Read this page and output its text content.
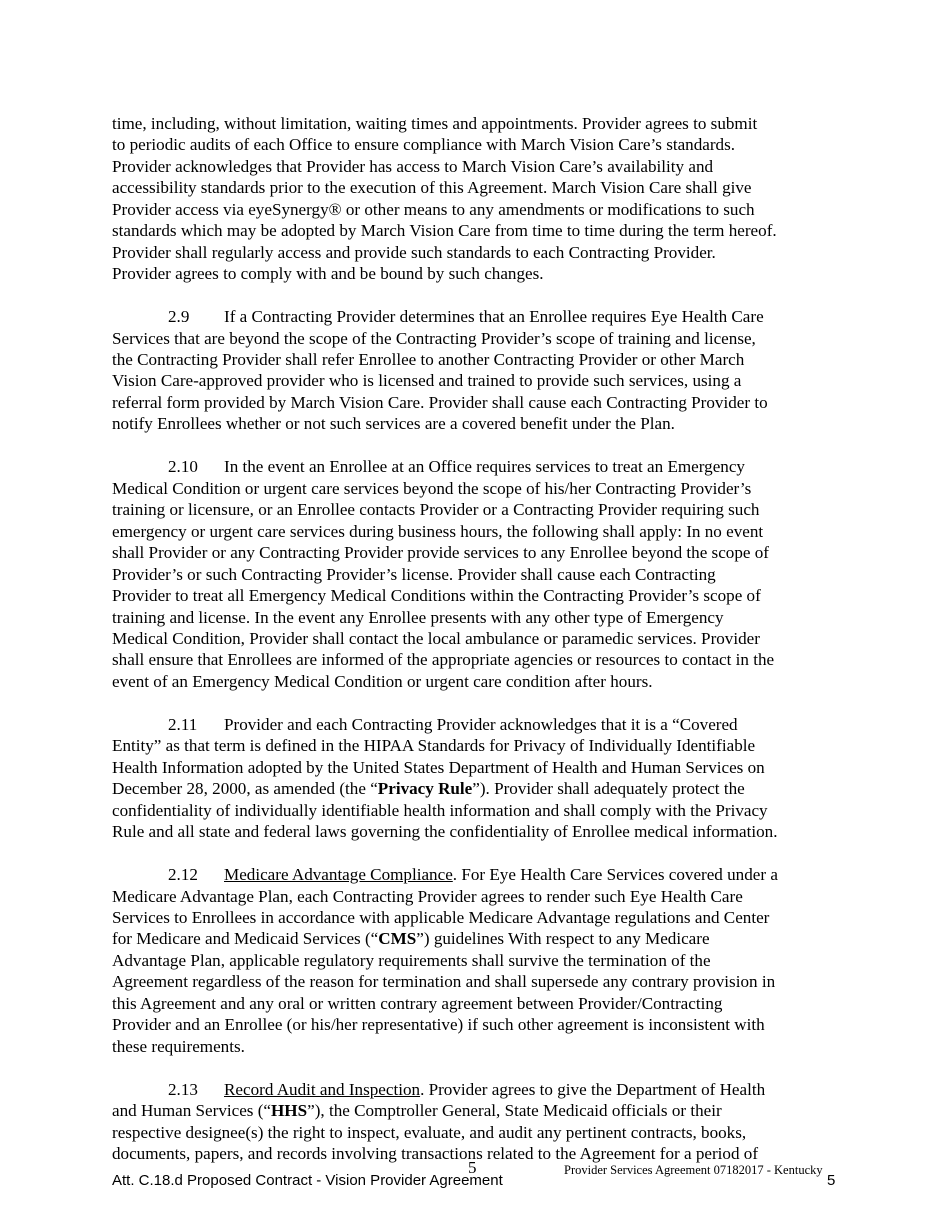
time, including, without limitation, waiting times and appointments. Provider agrees to submit
to periodic audits of each Office to ensure compliance with March Vision Care’s standards.
Provider acknowledges that Provider has access to March Vision Care’s availability and
accessibility standards prior to the execution of this Agreement. March Vision Care shall give
Provider access via eyeSynergy® or other means to any amendments or modifications to such
standards which may be adopted by March Vision Care from time to time during the term hereof.
Provider shall regularly access and provide such standards to each Contracting Provider.
Provider agrees to comply with and be bound by such changes.

2.9 If a Contracting Provider determines that an Enrollee requires Eye Health Care
Services that are beyond the scope of the Contracting Provider’s scope of training and license,
the Contracting Provider shall refer Enrollee to another Contracting Provider or other March
Vision Care-approved provider who is licensed and trained to provide such services, using a
referral form provided by March Vision Care. Provider shall cause each Contracting Provider to
notify Enrollees whether or not such services are a covered benefit under the Plan.

2.10 In the event an Enrollee at an Office requires services to treat an Emergency
Medical Condition or urgent care services beyond the scope of his/her Contracting Provider’s
training or licensure, or an Enrollee contacts Provider or a Contracting Provider requiring such
emergency or urgent care services during business hours, the following shall apply: In no event
shall Provider or any Contracting Provider provide services to any Enrollee beyond the scope of
Provider’s or such Contracting Provider’s license. Provider shall cause each Contracting
Provider to treat all Emergency Medical Conditions within the Contracting Provider’s scope of
training and license. In the event any Enrollee presents with any other type of Emergency
Medical Condition, Provider shall contact the local ambulance or paramedic services. Provider
shall ensure that Enrollees are informed of the appropriate agencies or resources to contact in the
event of an Emergency Medical Condition or urgent care condition after hours.

2.11 Provider and each Contracting Provider acknowledges that it is a “Covered
Entity” as that term is defined in the HIPAA Standards for Privacy of Individually Identifiable
Health Information adopted by the United States Department of Health and Human Services on
December 28, 2000, as amended (the “Privacy Rule”). Provider shall adequately protect the
confidentiality of individually identifiable health information and shall comply with the Privacy
Rule and all state and federal laws governing the confidentiality of Enrollee medical information.

2.12 Medicare Advantage Compliance. For Eye Health Care Services covered under a
Medicare Advantage Plan, each Contracting Provider agrees to render such Eye Health Care
Services to Enrollees in accordance with applicable Medicare Advantage regulations and Center
for Medicare and Medicaid Services (“CMS”) guidelines With respect to any Medicare
Advantage Plan, applicable regulatory requirements shall survive the termination of the
Agreement regardless of the reason for termination and shall supersede any contrary provision in
this Agreement and any oral or written contrary agreement between Provider/Contracting
Provider and an Enrollee (or his/her representative) if such other agreement is inconsistent with
these requirements.

2.13 Record Audit and Inspection. Provider agrees to give the Department of Health
and Human Services (“HHS”), the Comptroller General, State Medicaid officials or their
respective designee(s) the right to inspect, evaluate, and audit any pertinent contracts, books,
documents, papers, and records involving transactions related to the Agreement for a period of

5
Att. C.18.d Proposed Contract - Vision Provider Agreement
Provider Services Agreement 07182017 - Kentucky
5
